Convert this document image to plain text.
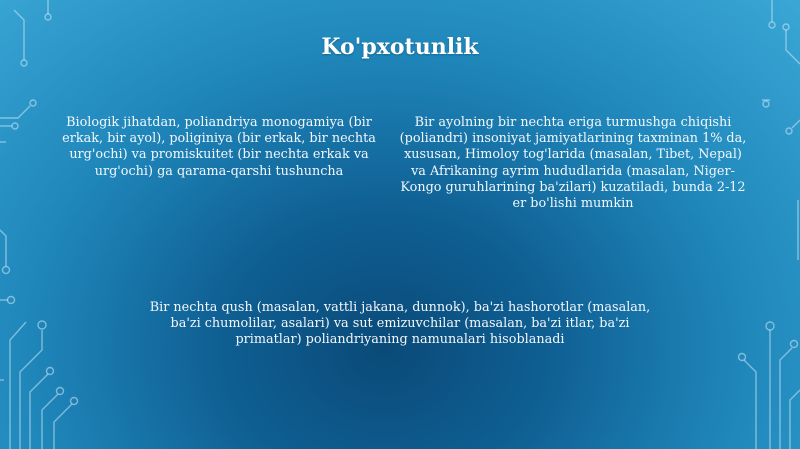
Ko'pxotunlik
Biologik jihatdan, poliandriya monogamiya (bir erkak, bir ayol), poliginiya (bir erkak, bir nechta urg'ochi) va promiskuitet (bir nechta erkak va urg'ochi) ga qarama-qarshi tushuncha
Bir ayolning bir nechta eriga turmushga chiqishi (poliandri) insoniyat jamiyatlarining taxminan 1% da, xususan, Himoloy tog'larida (masalan, Tibet, Nepal) va Afrikaning ayrim hududlarida (masalan, Niger-Kongo guruhlarining ba'zilari) kuzatiladi, bunda 2-12 er bo'lishi mumkin
Bir nechta qush (masalan, vattli jakana, dunnok), ba'zi hashorotlar (masalan, ba'zi chumolilar, asalari) va sut emizuvchilar (masalan, ba'zi itlar, ba'zi primatlar) poliandriyaning namunalari hisoblanadi
